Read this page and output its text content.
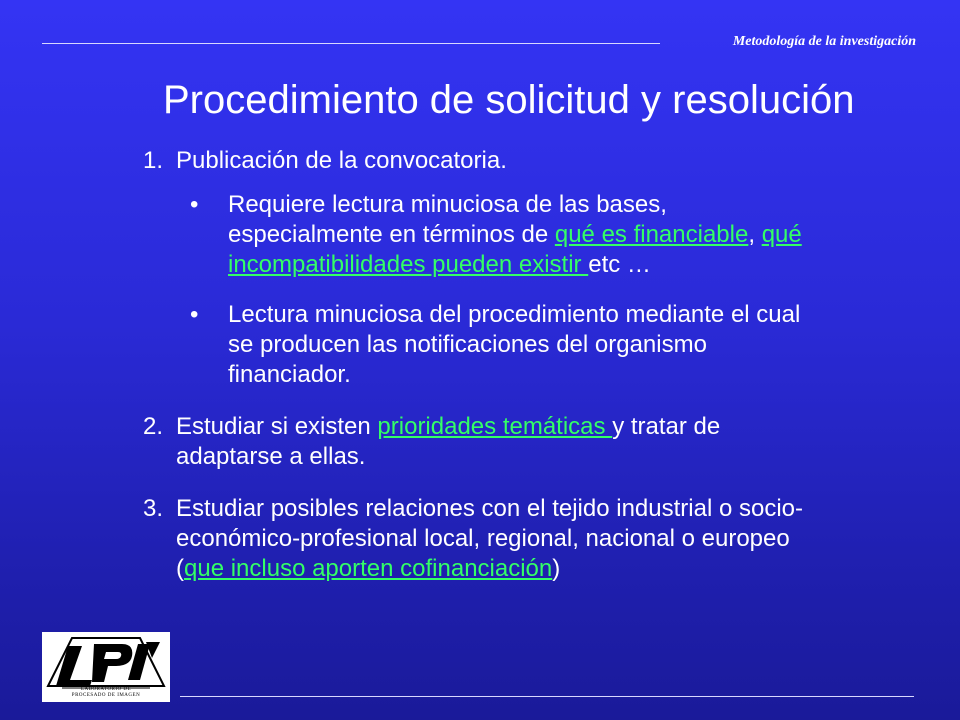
Metodología de la investigación
Procedimiento de solicitud y resolución
1. Publicación de la convocatoria.
• Requiere lectura minuciosa de las bases, especialmente en términos de qué es financiable, qué incompatibilidades pueden existir etc …
• Lectura minuciosa del procedimiento mediante el cual se producen las notificaciones del organismo financiador.
2. Estudiar si existen prioridades temáticas y tratar de adaptarse a ellas.
3. Estudiar posibles relaciones con el tejido industrial o socio-económico-profesional local, regional, nacional o europeo (que incluso aporten cofinanciación)
LABORATORIO DE
PROCESADO DE IMAGEN
